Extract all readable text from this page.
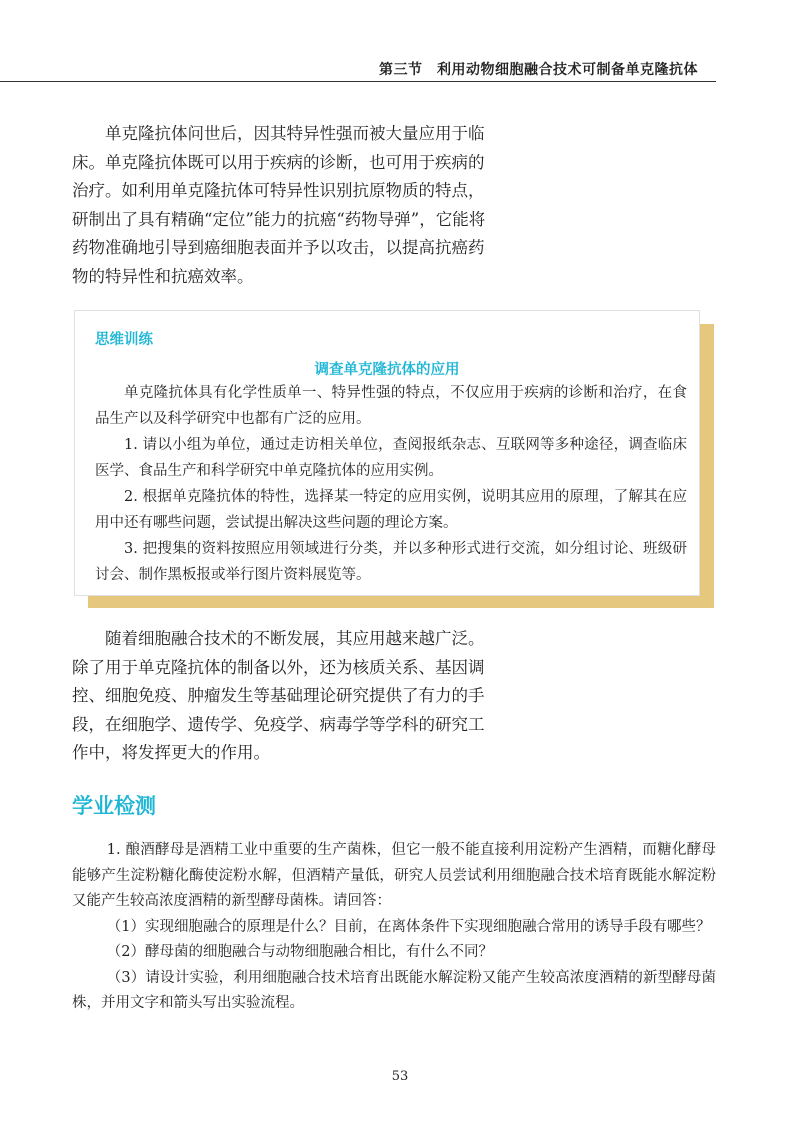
第三节　利用动物细胞融合技术可制备单克隆抗体

单克隆抗体问世后，因其特异性强而被大量应用于临床。单克隆抗体既可以用于疾病的诊断，也可用于疾病的治疗。如利用单克隆抗体可特异性识别抗原物质的特点，研制出了具有精确“定位”能力的抗癌“药物导弹”，它能将药物准确地引导到癌细胞表面并予以攻击，以提高抗癌药物的特异性和抗癌效率。

思维训练
调查单克隆抗体的应用

单克隆抗体具有化学性质单一、特异性强的特点，不仅应用于疾病的诊断和治疗，在食品生产以及科学研究中也都有广泛的应用。

1. 请以小组为单位，通过走访相关单位，查阅报纸杂志、互联网等多种途径，调查临床医学、食品生产和科学研究中单克隆抗体的应用实例。

2. 根据单克隆抗体的特性，选择某一特定的应用实例，说明其应用的原理，了解其在应用中还有哪些问题，尝试提出解决这些问题的理论方案。

3. 把搜集的资料按照应用领域进行分类，并以多种形式进行交流，如分组讨论、班级研讨会、制作黑板报或举行图片资料展览等。

随着细胞融合技术的不断发展，其应用越来越广泛。除了用于单克隆抗体的制备以外，还为核质关系、基因调控、细胞免疫、肿瘤发生等基础理论研究提供了有力的手段，在细胞学、遗传学、免疫学、病毒学等学科的研究工作中，将发挥更大的作用。

学业检测

1. 酿酒酵母是酒精工业中重要的生产菌株，但它一般不能直接利用淀粉产生酒精，而糖化酵母能够产生淀粉糖化酶使淀粉水解，但酒精产量低，研究人员尝试利用细胞融合技术培育既能水解淀粉又能产生较高浓度酒精的新型酵母菌株。请回答：

（1）实现细胞融合的原理是什么？目前，在离体条件下实现细胞融合常用的诱导手段有哪些？

（2）酵母菌的细胞融合与动物细胞融合相比，有什么不同？

（3）请设计实验，利用细胞融合技术培育出既能水解淀粉又能产生较高浓度酒精的新型酵母菌株，并用文字和箭头写出实验流程。

53
